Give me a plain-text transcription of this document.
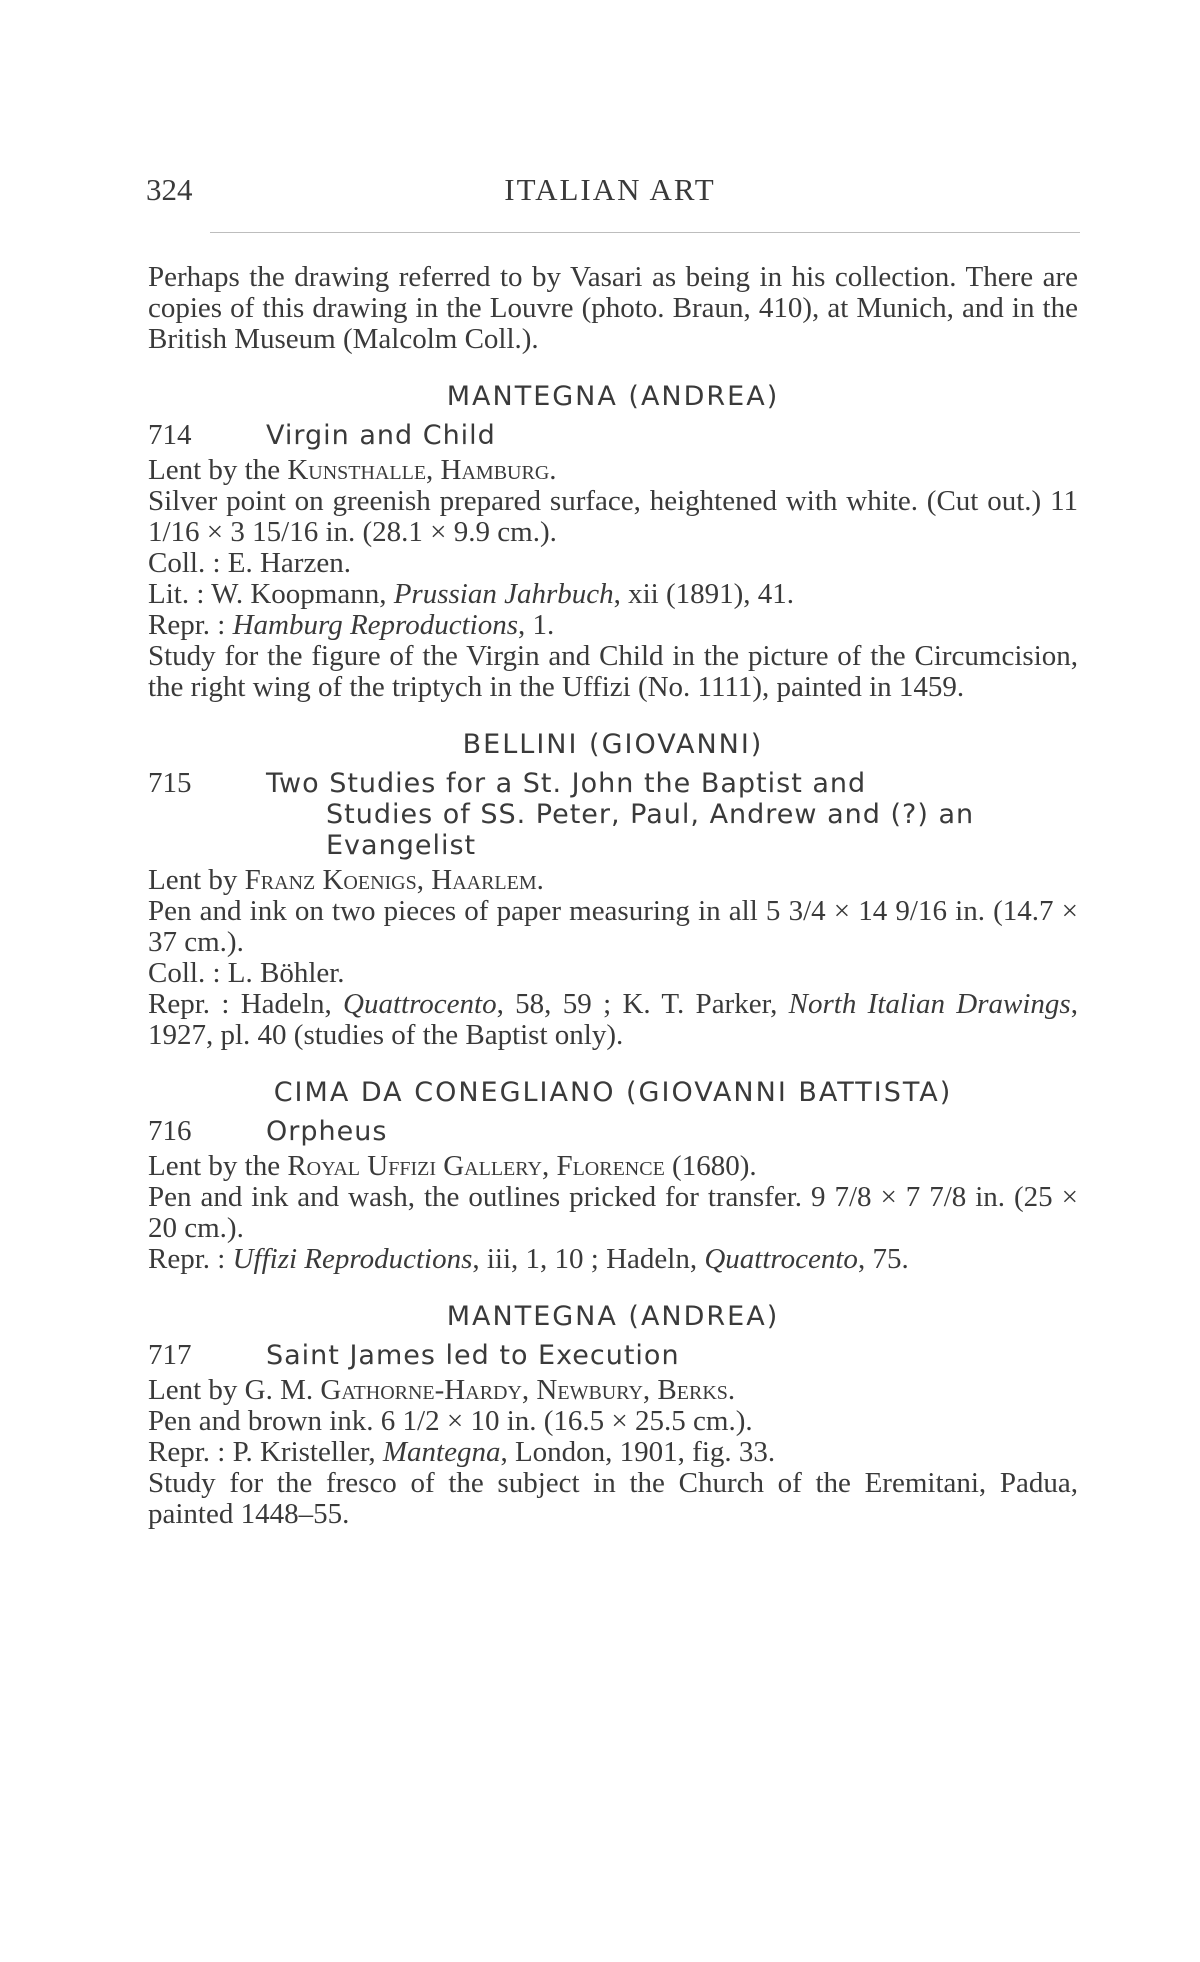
324	ITALIAN ART

Perhaps the drawing referred to by Vasari as being in his collection. There are copies of this drawing in the Louvre (photo. Braun, 410), at Munich, and in the British Museum (Malcolm Coll.).

MANTEGNA (ANDREA)
714	Virgin and Child

Lent by the Kunsthalle, Hamburg.

Silver point on greenish prepared surface, heightened with white. (Cut out.) 11 1/16 × 3 15/16 in. (28.1 × 9.9 cm.).

Coll. : E. Harzen.

Lit. : W. Koopmann, Prussian Jahrbuch, xii (1891), 41.

Repr. : Hamburg Reproductions, 1.

Study for the figure of the Virgin and Child in the picture of the Circumcision, the right wing of the triptych in the Uffizi (No. 1111), painted in 1459.

BELLINI (GIOVANNI)
715	Two Studies for a St. John the Baptist and
Studies of SS. Peter, Paul, Andrew and (?) an
Evangelist

Lent by Franz Koenigs, Haarlem.

Pen and ink on two pieces of paper measuring in all 5 3/4 × 14 9/16 in. (14.7 × 37 cm.).

Coll. : L. Böhler.

Repr. : Hadeln, Quattrocento, 58, 59 ; K. T. Parker, North Italian Drawings, 1927, pl. 40 (studies of the Baptist only).

CIMA DA CONEGLIANO (GIOVANNI BATTISTA)
716	Orpheus

Lent by the Royal Uffizi Gallery, Florence (1680).

Pen and ink and wash, the outlines pricked for transfer. 9 7/8 × 7 7/8 in. (25 × 20 cm.).

Repr. : Uffizi Reproductions, iii, 1, 10 ; Hadeln, Quattrocento, 75.

MANTEGNA (ANDREA)
717	Saint James led to Execution

Lent by G. M. Gathorne-Hardy, Newbury, Berks.

Pen and brown ink. 6 1/2 × 10 in. (16.5 × 25.5 cm.).

Repr. : P. Kristeller, Mantegna, London, 1901, fig. 33.

Study for the fresco of the subject in the Church of the Eremitani, Padua, painted 1448–55.
